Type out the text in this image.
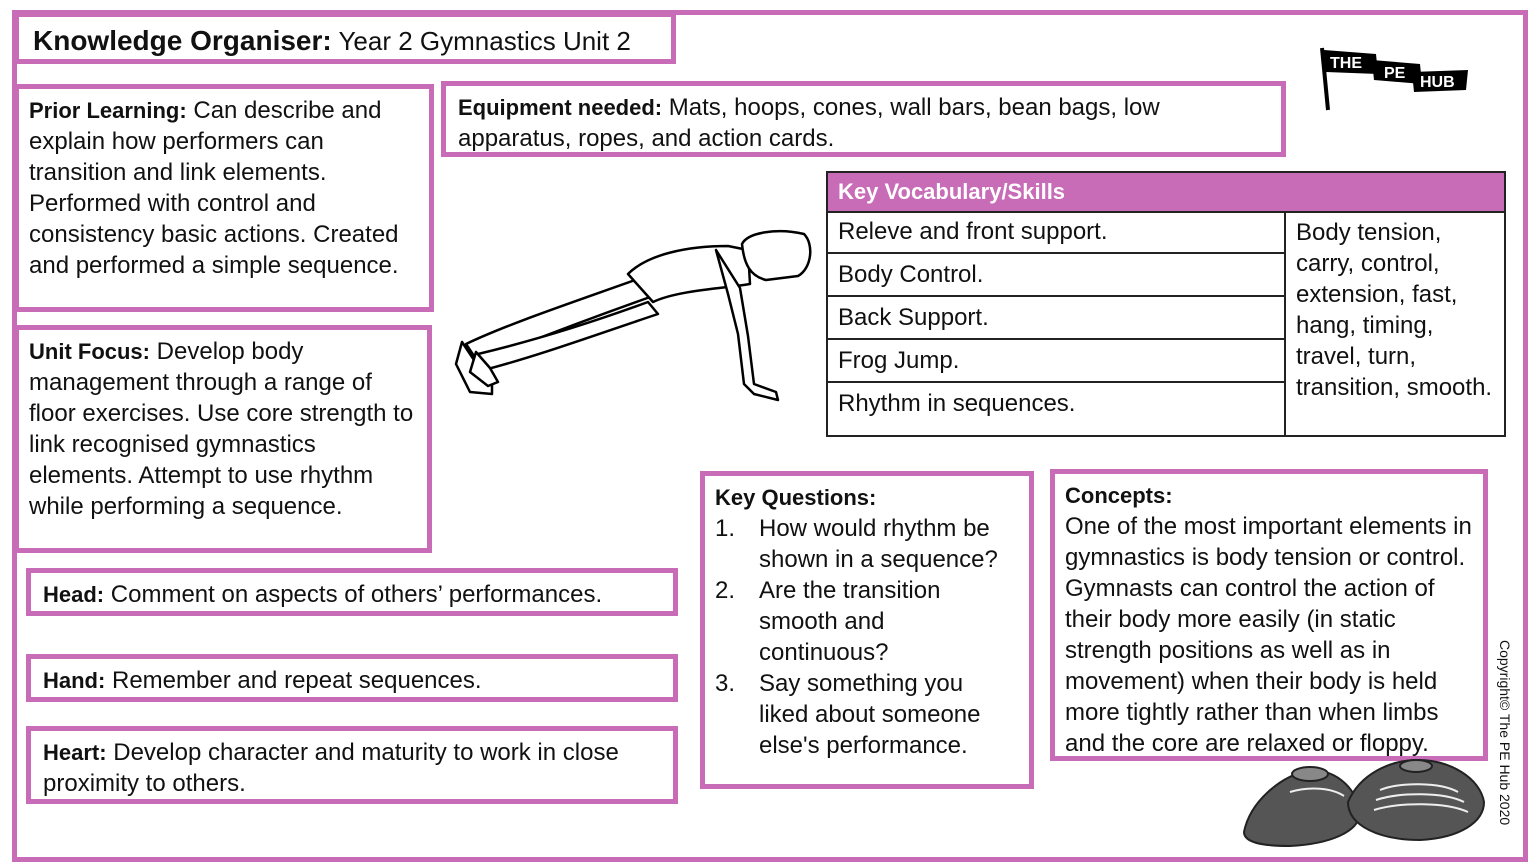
Knowledge Organiser: Year 2 Gymnastics Unit 2
Prior Learning: Can describe and explain how performers can transition and link elements. Performed with control and consistency basic actions. Created and performed a simple sequence.
Equipment needed: Mats, hoops, cones, wall bars, bean bags, low apparatus, ropes, and action cards.
Unit Focus: Develop body management through a range of floor exercises. Use core strength to link recognised gymnastics elements. Attempt to use rhythm while performing a sequence.
Head: Comment on aspects of others’ performances.
Hand: Remember and repeat sequences.
Heart: Develop character and maturity to work in close proximity to others.
Key Vocabulary/Skills
Releve and front support.
Body Control.
Back Support.
Frog Jump.
Rhythm in sequences.
Body tension, carry, control, extension, fast, hang, timing, travel, turn, transition, smooth.
Key Questions:
1. How would rhythm be shown in a sequence?
2. Are the transition smooth and continuous?
3. Say something you liked about someone else's performance.
Concepts:
One of the most important elements in gymnastics is body tension or control. Gymnasts can control the action of their body more easily (in static strength positions as well as in movement) when their body is held more tightly rather than when limbs and the core are relaxed or floppy.
THE
PE
HUB
Copyright© The PE Hub 2020
